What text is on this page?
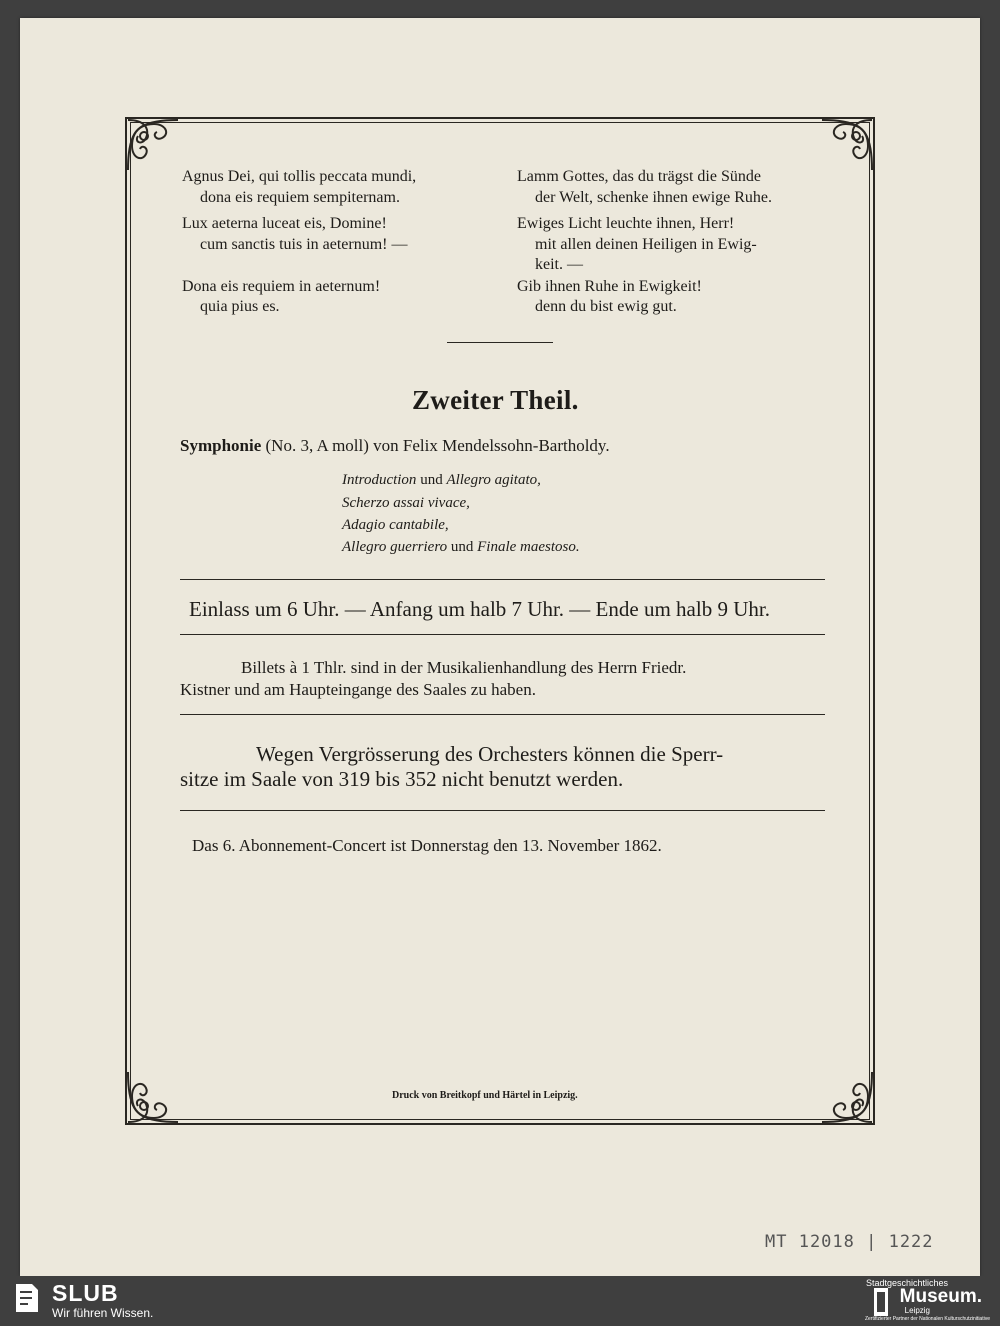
Agnus Dei, qui tollis peccata mundi,
dona eis requiem sempiternam.
Lux aeterna luceat eis, Domine!
cum sanctis tuis in aeternum! —
Dona eis requiem in aeternum!
quia pius es.
Lamm Gottes, das du trägst die Sünde
der Welt, schenke ihnen ewige Ruhe.
Ewiges Licht leuchte ihnen, Herr!
mit allen deinen Heiligen in Ewig-
keit. —
Gib ihnen Ruhe in Ewigkeit!
denn du bist ewig gut.
Zweiter Theil.
Symphonie (No. 3, A moll) von Felix Mendelssohn-Bartholdy.
Introduction und Allegro agitato,
Scherzo assai vivace,
Adagio cantabile,
Allegro guerriero und Finale maestoso.
Einlass um 6 Uhr. — Anfang um halb 7 Uhr. — Ende um halb 9 Uhr.
Billets à 1 Thlr. sind in der Musikalienhandlung des Herrn Friedr.
Kistner und am Haupteingange des Saales zu haben.
Wegen Vergrösserung des Orchesters können die Sperr-
sitze im Saale von 319 bis 352 nicht benutzt werden.
Das 6. Abonnement-Concert ist Donnerstag den 13. November 1862.
Druck von Breitkopf und Härtel in Leipzig.
MT 12018 | 1222
SLUB
Wir führen Wissen.
Stadtgeschichtliches
Museum.
Leipzig
Zertifizierter Partner der Nationalen Kulturschutzinitiative
